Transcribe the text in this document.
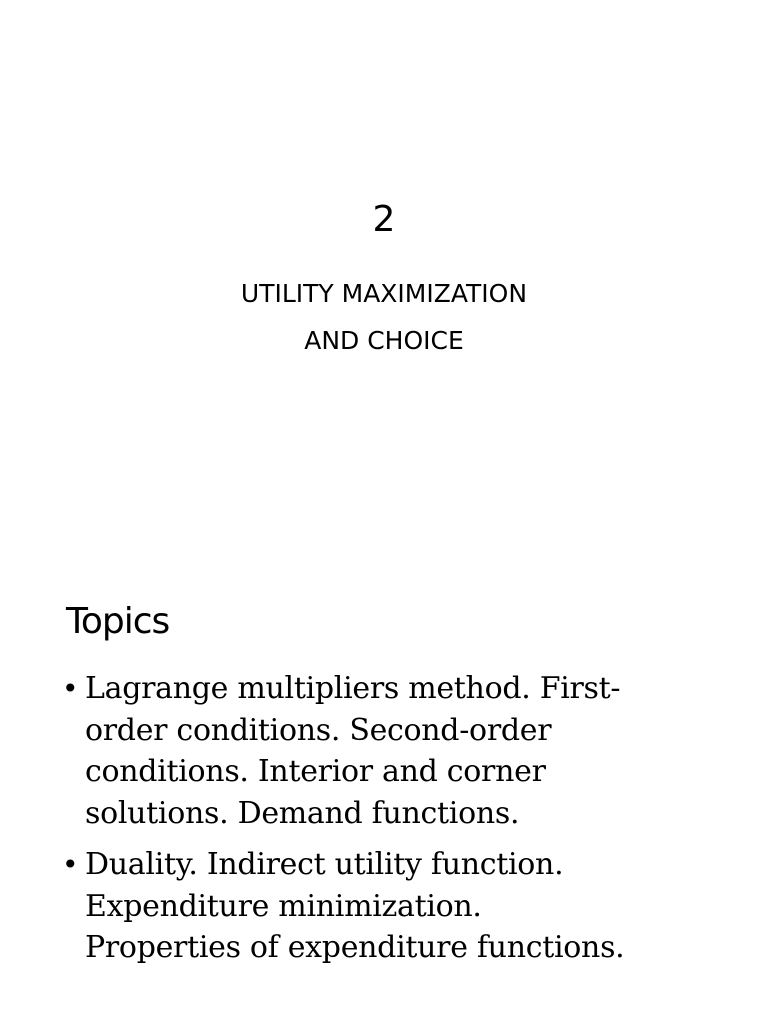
2
UTILITY MAXIMIZATION
AND CHOICE
Topics
• Lagrange multipliers method. First-
order conditions. Second-order
conditions. Interior and corner
solutions. Demand functions.
• Duality. Indirect utility function.
Expenditure minimization.
Properties of expenditure functions.
